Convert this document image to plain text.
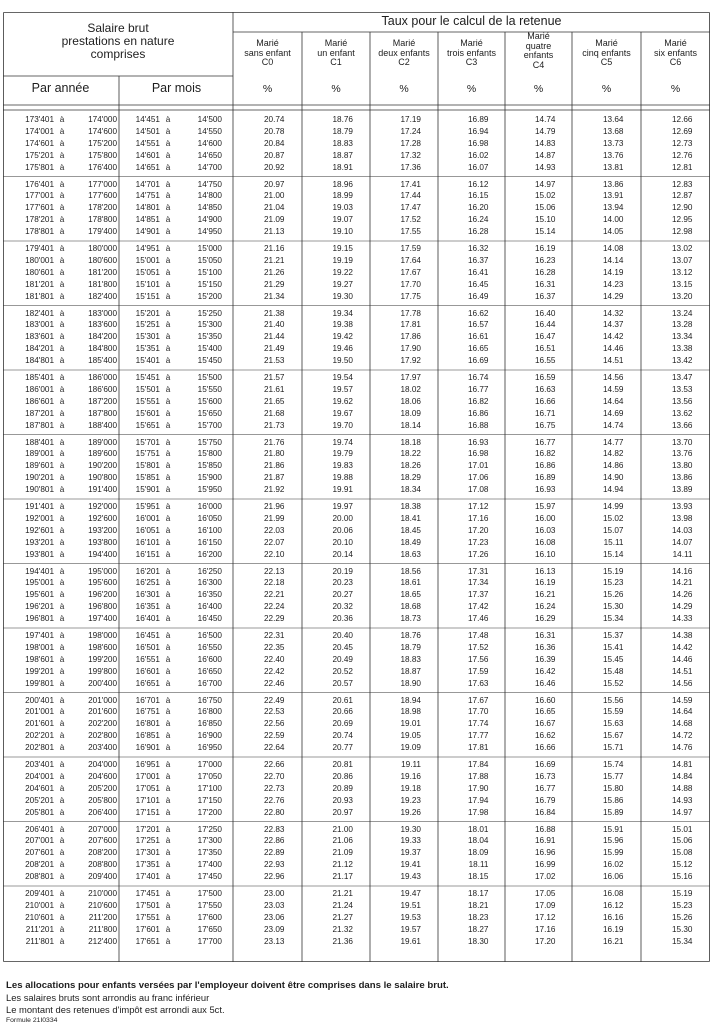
Salaire brut
prestations en nature
comprises
Taux pour le calcul de la retenue
Par année	Par mois
Marié
sans enfant
C0
%
Marié
un enfant
C1
%
Marié
deux enfants
C2
%
Marié
trois enfants
C3
%
Marié
quatre
enfants
C4
%
Marié
cinq enfants
C5
%
Marié
six enfants
C6
%
173'401 à	174'000	14'451 à	14'500	20.74	18.76	17.19	16.89	14.74	13.64	12.66
174'001 à	174'600	14'501 à	14'550	20.78	18.79	17.24	16.94	14.79	13.68	12.69
174'601 à	175'200	14'551 à	14'600	20.84	18.83	17.28	16.98	14.83	13.73	12.73
175'201 à	175'800	14'601 à	14'650	20.87	18.87	17.32	16.02	14.87	13.76	12.76
175'801 à	176'400	14'651 à	14'700	20.92	18.91	17.36	16.07	14.93	13.81	12.81
176'401 à	177'000	14'701 à	14'750	20.97	18.96	17.41	16.12	14.97	13.86	12.83
177'001 à	177'600	14'751 à	14'800	21.00	18.99	17.44	16.15	15.02	13.91	12.87
177'601 à	178'200	14'801 à	14'850	21.04	19.03	17.47	16.20	15.06	13.94	12.90
178'201 à	178'800	14'851 à	14'900	21.09	19.07	17.52	16.24	15.10	14.00	12.95
178'801 à	179'400	14'901 à	14'950	21.13	19.10	17.55	16.28	15.14	14.05	12.98
179'401 à	180'000	14'951 à	15'000	21.16	19.15	17.59	16.32	16.19	14.08	13.02
180'001 à	180'600	15'001 à	15'050	21.21	19.19	17.64	16.37	16.23	14.14	13.07
180'601 à	181'200	15'051 à	15'100	21.26	19.22	17.67	16.41	16.28	14.19	13.12
181'201 à	181'800	15'101 à	15'150	21.29	19.27	17.70	16.45	16.31	14.23	13.15
181'801 à	182'400	15'151 à	15'200	21.34	19.30	17.75	16.49	16.37	14.29	13.20
182'401 à	183'000	15'201 à	15'250	21.38	19.34	17.78	16.62	16.40	14.32	13.24
183'001 à	183'600	15'251 à	15'300	21.40	19.38	17.81	16.57	16.44	14.37	13.28
183'601 à	184'200	15'301 à	15'350	21.44	19.42	17.86	16.61	16.47	14.42	13.34
184'201 à	184'800	15'351 à	15'400	21.49	19.46	17.90	16.65	16.51	14.46	13.38
184'801 à	185'400	15'401 à	15'450	21.53	19.50	17.92	16.69	16.55	14.51	13.42
185'401 à	186'000	15'451 à	15'500	21.57	19.54	17.97	16.74	16.59	14.56	13.47
186'001 à	186'600	15'501 à	15'550	21.61	19.57	18.02	16.77	16.63	14.59	13.53
186'601 à	187'200	15'551 à	15'600	21.65	19.62	18.06	16.82	16.66	14.64	13.56
187'201 à	187'800	15'601 à	15'650	21.68	19.67	18.09	16.86	16.71	14.69	13.62
187'801 à	188'400	15'651 à	15'700	21.73	19.70	18.14	16.88	16.75	14.74	13.66
188'401 à	189'000	15'701 à	15'750	21.76	19.74	18.18	16.93	16.77	14.77	13.70
189'001 à	189'600	15'751 à	15'800	21.80	19.79	18.22	16.98	16.82	14.82	13.76
189'601 à	190'200	15'801 à	15'850	21.86	19.83	18.26	17.01	16.86	14.86	13.80
190'201 à	190'800	15'851 à	15'900	21.87	19.88	18.29	17.06	16.89	14.90	13.86
190'801 à	191'400	15'901 à	15'950	21.92	19.91	18.34	17.08	16.93	14.94	13.89
191'401 à	192'000	15'951 à	16'000	21.96	19.97	18.38	17.12	15.97	14.99	13.93
192'001 à	192'600	16'001 à	16'050	21.99	20.00	18.41	17.16	16.00	15.02	13.98
192'601 à	193'200	16'051 à	16'100	22.03	20.06	18.45	17.20	16.03	15.07	14.03
193'201 à	193'800	16'101 à	16'150	22.07	20.10	18.49	17.23	16.08	15.11	14.07
193'801 à	194'400	16'151 à	16'200	22.10	20.14	18.63	17.26	16.10	15.14	14.11
194'401 à	195'000	16'201 à	16'250	22.13	20.19	18.56	17.31	16.13	15.19	14.16
195'001 à	195'600	16'251 à	16'300	22.18	20.23	18.61	17.34	16.19	15.23	14.21
195'601 à	196'200	16'301 à	16'350	22.21	20.27	18.65	17.37	16.21	15.26	14.26
196'201 à	196'800	16'351 à	16'400	22.24	20.32	18.68	17.42	16.24	15.30	14.29
196'801 à	197'400	16'401 à	16'450	22.29	20.36	18.73	17.46	16.29	15.34	14.33
197'401 à	198'000	16'451 à	16'500	22.31	20.40	18.76	17.48	16.31	15.37	14.38
198'001 à	198'600	16'501 à	16'550	22.35	20.45	18.79	17.52	16.36	15.41	14.42
198'601 à	199'200	16'551 à	16'600	22.40	20.49	18.83	17.56	16.39	15.45	14.46
199'201 à	199'800	16'601 à	16'650	22.42	20.52	18.87	17.59	16.42	15.48	14.51
199'801 à	200'400	16'651 à	16'700	22.46	20.57	18.90	17.63	16.46	15.52	14.56
200'401 à	201'000	16'701 à	16'750	22.49	20.61	18.94	17.67	16.60	15.56	14.59
201'001 à	201'600	16'751 à	16'800	22.53	20.66	18.98	17.70	16.65	15.59	14.64
201'601 à	202'200	16'801 à	16'850	22.56	20.69	19.01	17.74	16.67	15.63	14.68
202'201 à	202'800	16'851 à	16'900	22.59	20.74	19.05	17.77	16.62	15.67	14.72
202'801 à	203'400	16'901 à	16'950	22.64	20.77	19.09	17.81	16.66	15.71	14.76
203'401 à	204'000	16'951 à	17'000	22.66	20.81	19.11	17.84	16.69	15.74	14.81
204'001 à	204'600	17'001 à	17'050	22.70	20.86	19.16	17.88	16.73	15.77	14.84
204'601 à	205'200	17'051 à	17'100	22.73	20.89	19.18	17.90	16.77	15.80	14.88
205'201 à	205'800	17'101 à	17'150	22.76	20.93	19.23	17.94	16.79	15.86	14.93
205'801 à	206'400	17'151 à	17'200	22.80	20.97	19.26	17.98	16.84	15.89	14.97
206'401 à	207'000	17'201 à	17'250	22.83	21.00	19.30	18.01	16.88	15.91	15.01
207'001 à	207'600	17'251 à	17'300	22.86	21.06	19.33	18.04	16.91	15.96	15.06
207'601 à	208'200	17'301 à	17'350	22.89	21.09	19.37	18.09	16.96	15.99	15.08
208'201 à	208'800	17'351 à	17'400	22.93	21.12	19.41	18.11	16.99	16.02	15.12
208'801 à	209'400	17'401 à	17'450	22.96	21.17	19.43	18.15	17.02	16.06	15.16
209'401 à	210'000	17'451 à	17'500	23.00	21.21	19.47	18.17	17.05	16.08	15.19
210'001 à	210'600	17'501 à	17'550	23.03	21.24	19.51	18.21	17.09	16.12	15.23
210'601 à	211'200	17'551 à	17'600	23.06	21.27	19.53	18.23	17.12	16.16	15.26
211'201 à	211'800	17'601 à	17'650	23.09	21.32	19.57	18.27	17.16	16.19	15.30
211'801 à	212'400	17'651 à	17'700	23.13	21.36	19.61	18.30	17.20	16.21	15.34
Les allocations pour enfants versées par l'employeur doivent être comprises dans le salaire brut.
Les salaires bruts sont arrondis au franc inférieur
Le montant des retenues d'impôt est arrondi aux 5ct.
Formule 21I0334
